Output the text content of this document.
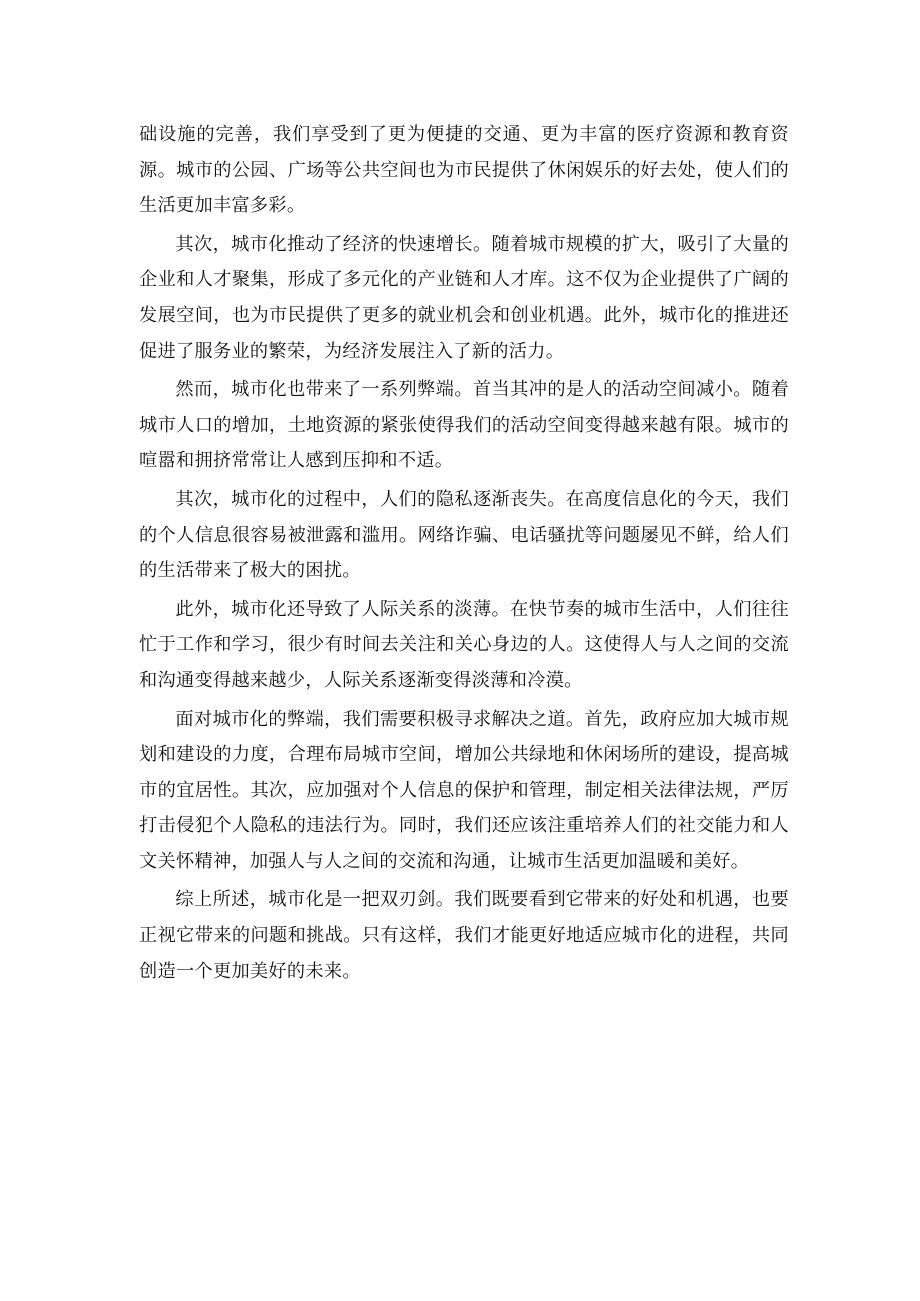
础设施的完善，我们享受到了更为便捷的交通、更为丰富的医疗资源和教育资源。城市的公园、广场等公共空间也为市民提供了休闲娱乐的好去处，使人们的生活更加丰富多彩。

其次，城市化推动了经济的快速增长。随着城市规模的扩大，吸引了大量的企业和人才聚集，形成了多元化的产业链和人才库。这不仅为企业提供了广阔的发展空间，也为市民提供了更多的就业机会和创业机遇。此外，城市化的推进还促进了服务业的繁荣，为经济发展注入了新的活力。

然而，城市化也带来了一系列弊端。首当其冲的是人的活动空间减小。随着城市人口的增加，土地资源的紧张使得我们的活动空间变得越来越有限。城市的喧嚣和拥挤常常让人感到压抑和不适。

其次，城市化的过程中，人们的隐私逐渐丧失。在高度信息化的今天，我们的个人信息很容易被泄露和滥用。网络诈骗、电话骚扰等问题屡见不鲜，给人们的生活带来了极大的困扰。

此外，城市化还导致了人际关系的淡薄。在快节奏的城市生活中，人们往往忙于工作和学习，很少有时间去关注和关心身边的人。这使得人与人之间的交流和沟通变得越来越少，人际关系逐渐变得淡薄和冷漠。

面对城市化的弊端，我们需要积极寻求解决之道。首先，政府应加大城市规划和建设的力度，合理布局城市空间，增加公共绿地和休闲场所的建设，提高城市的宜居性。其次，应加强对个人信息的保护和管理，制定相关法律法规，严厉打击侵犯个人隐私的违法行为。同时，我们还应该注重培养人们的社交能力和人文关怀精神，加强人与人之间的交流和沟通，让城市生活更加温暖和美好。

综上所述，城市化是一把双刃剑。我们既要看到它带来的好处和机遇，也要正视它带来的问题和挑战。只有这样，我们才能更好地适应城市化的进程，共同创造一个更加美好的未来。
